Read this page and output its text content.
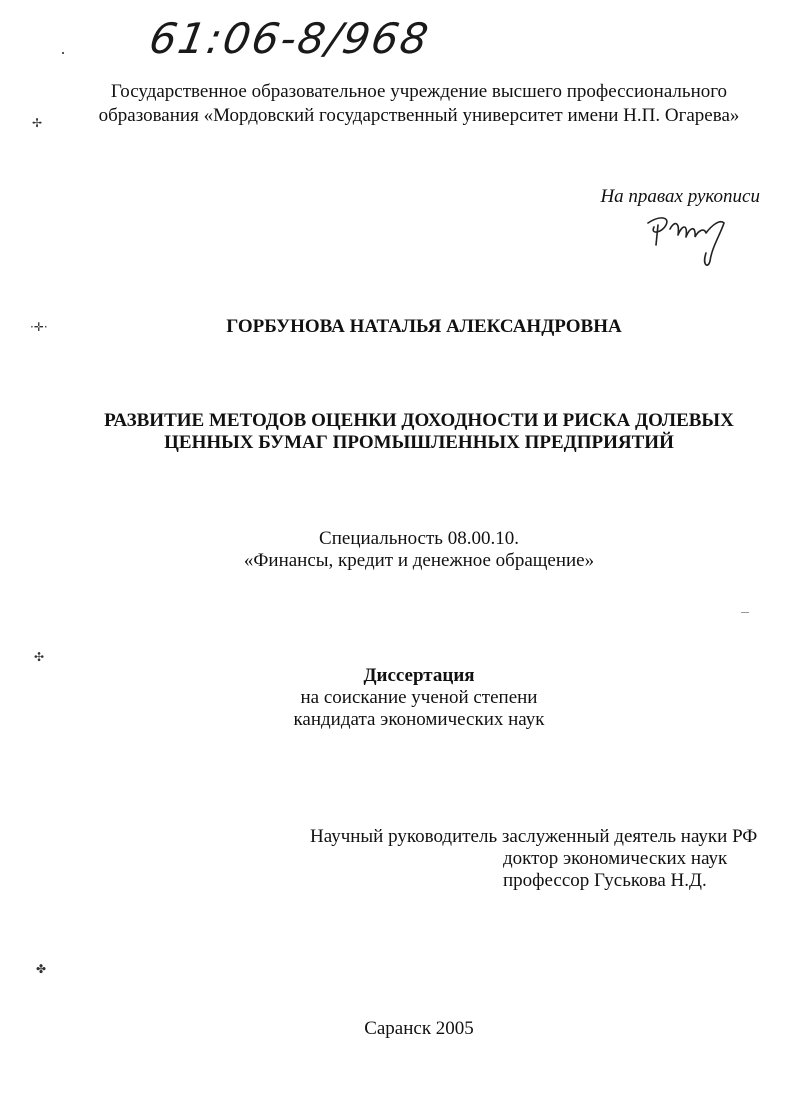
61:06-8/968
Государственное образовательное учреждение высшего профессионального
образования «Мордовский государственный университет имени Н.П. Огарева»
✢
На правах рукописи
·✛·	ГОРБУНОВА НАТАЛЬЯ АЛЕКСАНДРОВНА
РАЗВИТИЕ МЕТОДОВ ОЦЕНКИ ДОХОДНОСТИ И РИСКА ДОЛЕВЫХ
ЦЕННЫХ БУМАГ ПРОМЫШЛЕННЫХ ПРЕДПРИЯТИЙ
Специальность 08.00.10.
«Финансы, кредит и денежное обращение»
✣
Диссертация
на соискание ученой степени
кандидата экономических наук
Научный руководитель заслуженный деятель науки РФ
доктор экономических наук
профессор Гуськова Н.Д.
✤
Саранск 2005
